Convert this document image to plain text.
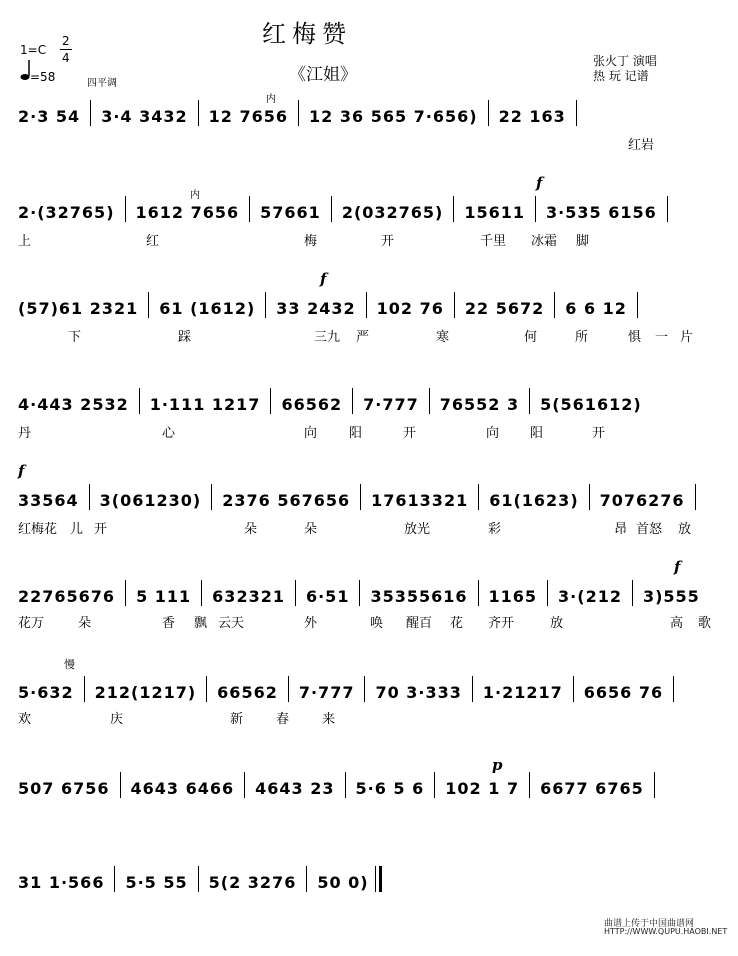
红梅赞
《江姐》
1=C
2
4
=58	四平调
张火丁 演唱
热 玩 记谱
2·3 54 3·4 3432 12 7656 12 36 565 7·656) 22 163
内
红岩
2·(32765) 1612 7656 57661 2(032765) 15611 3·535 6156
内
f
上	红	梅	开	千里 冰霜 脚
(57)61 2321 61 (1612) 33 2432 102 76 22 5672 6 6 12
f
下	踩	三九 严	寒	何	所	惧 一 片
4·443 2532 1·111 1217 66562 7·777 76552 3 5(561612)
丹	心	向 阳	开	向 阳	开
33564 3(061230) 2376 567656 17613321 61(1623) 7076276
f
红梅花 儿 开	朵	朵	放光	彩	昂 首怒 放
22765676 5 111 632321 6·51 35355616 1165 3·(212 3)555
f
花万	朵	香 飘 云天	外	唤 醒百 花 齐开	放	高 歌
5·632 212(1217) 66562 7·777 70 3·333 1·21217 6656 76
慢
欢	庆	新	春	来
507 6756 4643 6466 4643 23 5·6 5 6 102 1 7 6677 6765
p
31 1·566 5·5 55 5(2 3276 50 0)
曲谱上传于中国曲谱网
HTTP://WWW.QUPU.HAOBI.NET
